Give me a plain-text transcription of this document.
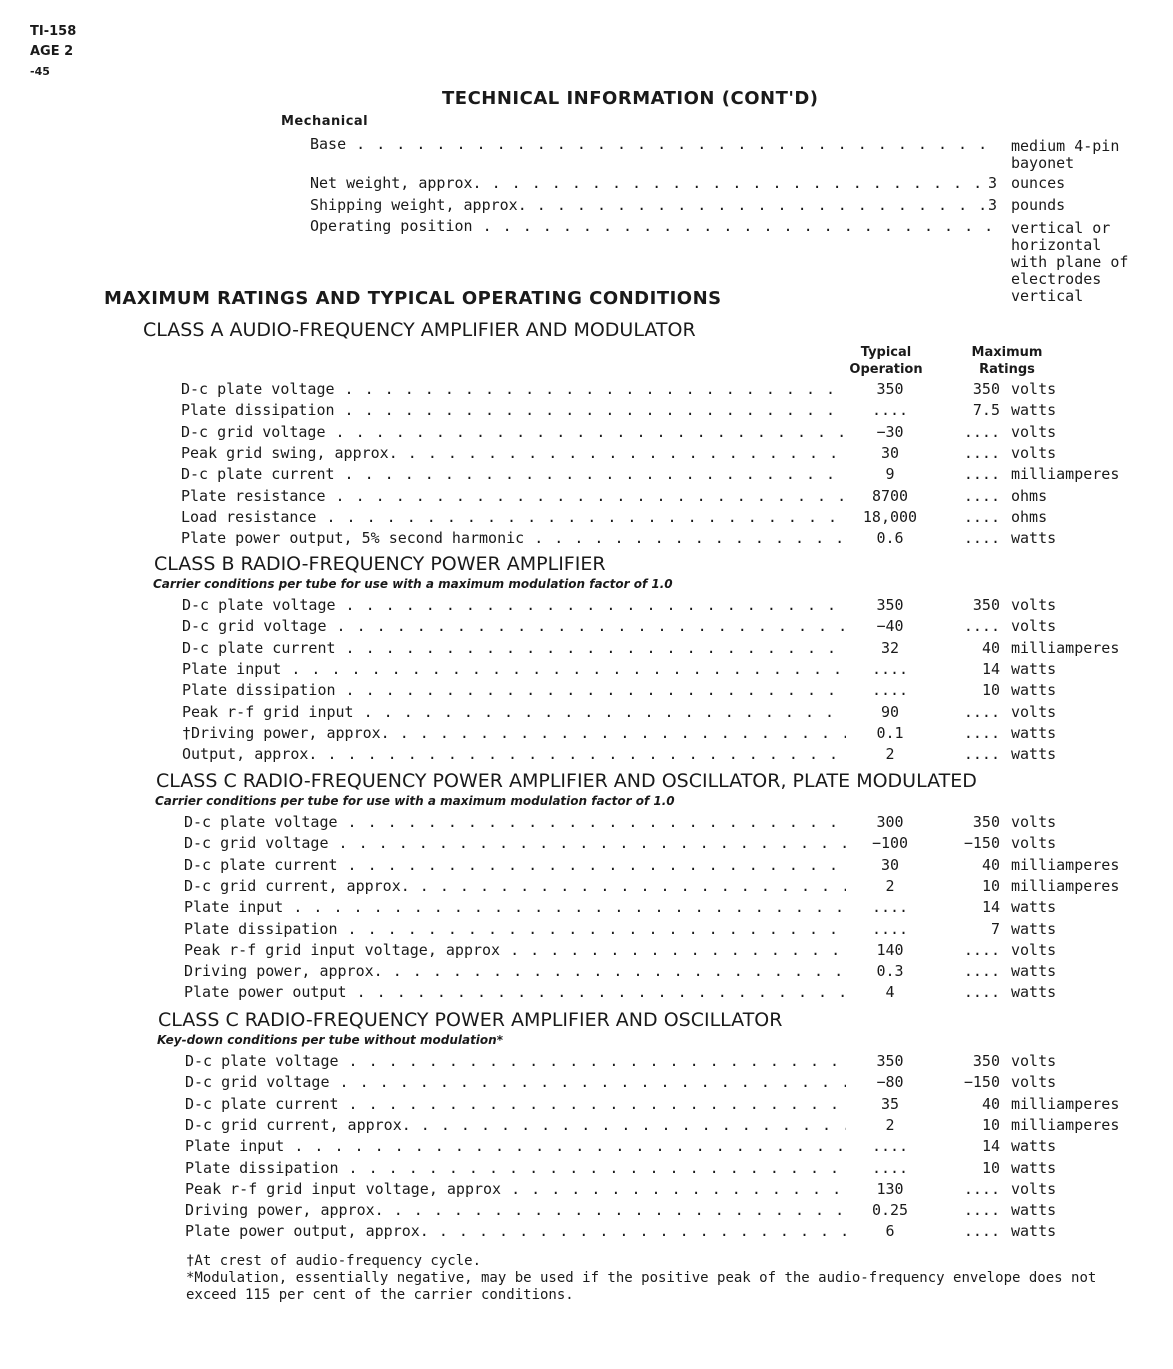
TI-158
AGE 2
-45
TECHNICAL INFORMATION (CONT'D)
Mechanical
Base . . .	medium 4-pin bayonet
Net weight, approx. . . .	3 ounces
Shipping weight, approx. . . .	3 pounds
Operating position . . .	vertical or horizontal with plane of electrodes vertical
MAXIMUM RATINGS AND TYPICAL OPERATING CONDITIONS
Typical Operation
Maximum Ratings
CLASS A AUDIO-FREQUENCY AMPLIFIER AND MODULATOR
D-c plate voltage . . .	350	350 volts
Plate dissipation . . .	....	7.5 watts
D-c grid voltage . . .	−30	.... volts
Peak grid swing, approx. . . .	30	.... volts
D-c plate current . . .	9	.... milliamperes
Plate resistance . . .	8700	.... ohms
Load resistance . . .	18,000	.... ohms
Plate power output, 5% second harmonic . . .	0.6	.... watts
CLASS B RADIO-FREQUENCY POWER AMPLIFIER
Carrier conditions per tube for use with a maximum modulation factor of 1.0
D-c plate voltage . . .	350	350 volts
D-c grid voltage . . .	−40	.... volts
D-c plate current . . .	32	40 milliamperes
Plate input . . .	....	14 watts
Plate dissipation . . .	....	10 watts
Peak r-f grid input . . .	90	.... volts
†Driving power, approx. . . .	0.1	.... watts
Output, approx. . . .	2	.... watts
CLASS C RADIO-FREQUENCY POWER AMPLIFIER AND OSCILLATOR, PLATE MODULATED
Carrier conditions per tube for use with a maximum modulation factor of 1.0
D-c plate voltage . . .	300	350 volts
D-c grid voltage . . .	−100	−150 volts
D-c plate current . . .	30	40 milliamperes
D-c grid current, approx. . . .	2	10 milliamperes
Plate input . . .	....	14 watts
Plate dissipation . . .	....	7 watts
Peak r-f grid input voltage, approx . . .	140	.... volts
Driving power, approx. . . .	0.3	.... watts
Plate power output . . .	4	.... watts
CLASS C RADIO-FREQUENCY POWER AMPLIFIER AND OSCILLATOR
Key-down conditions per tube without modulation*
D-c plate voltage . . .	350	350 volts
D-c grid voltage . . .	−80	−150 volts
D-c plate current . . .	35	40 milliamperes
D-c grid current, approx. . . .	2	10 milliamperes
Plate input . . .	....	14 watts
Plate dissipation . . .	....	10 watts
Peak r-f grid input voltage, approx . . .	130	.... volts
Driving power, approx. . . .	0.25	.... watts
Plate power output, approx. . . .	6	.... watts
†At crest of audio-frequency cycle.
*Modulation, essentially negative, may be used if the positive peak of the audio-frequency envelope does not exceed 115 per cent of the carrier conditions.
